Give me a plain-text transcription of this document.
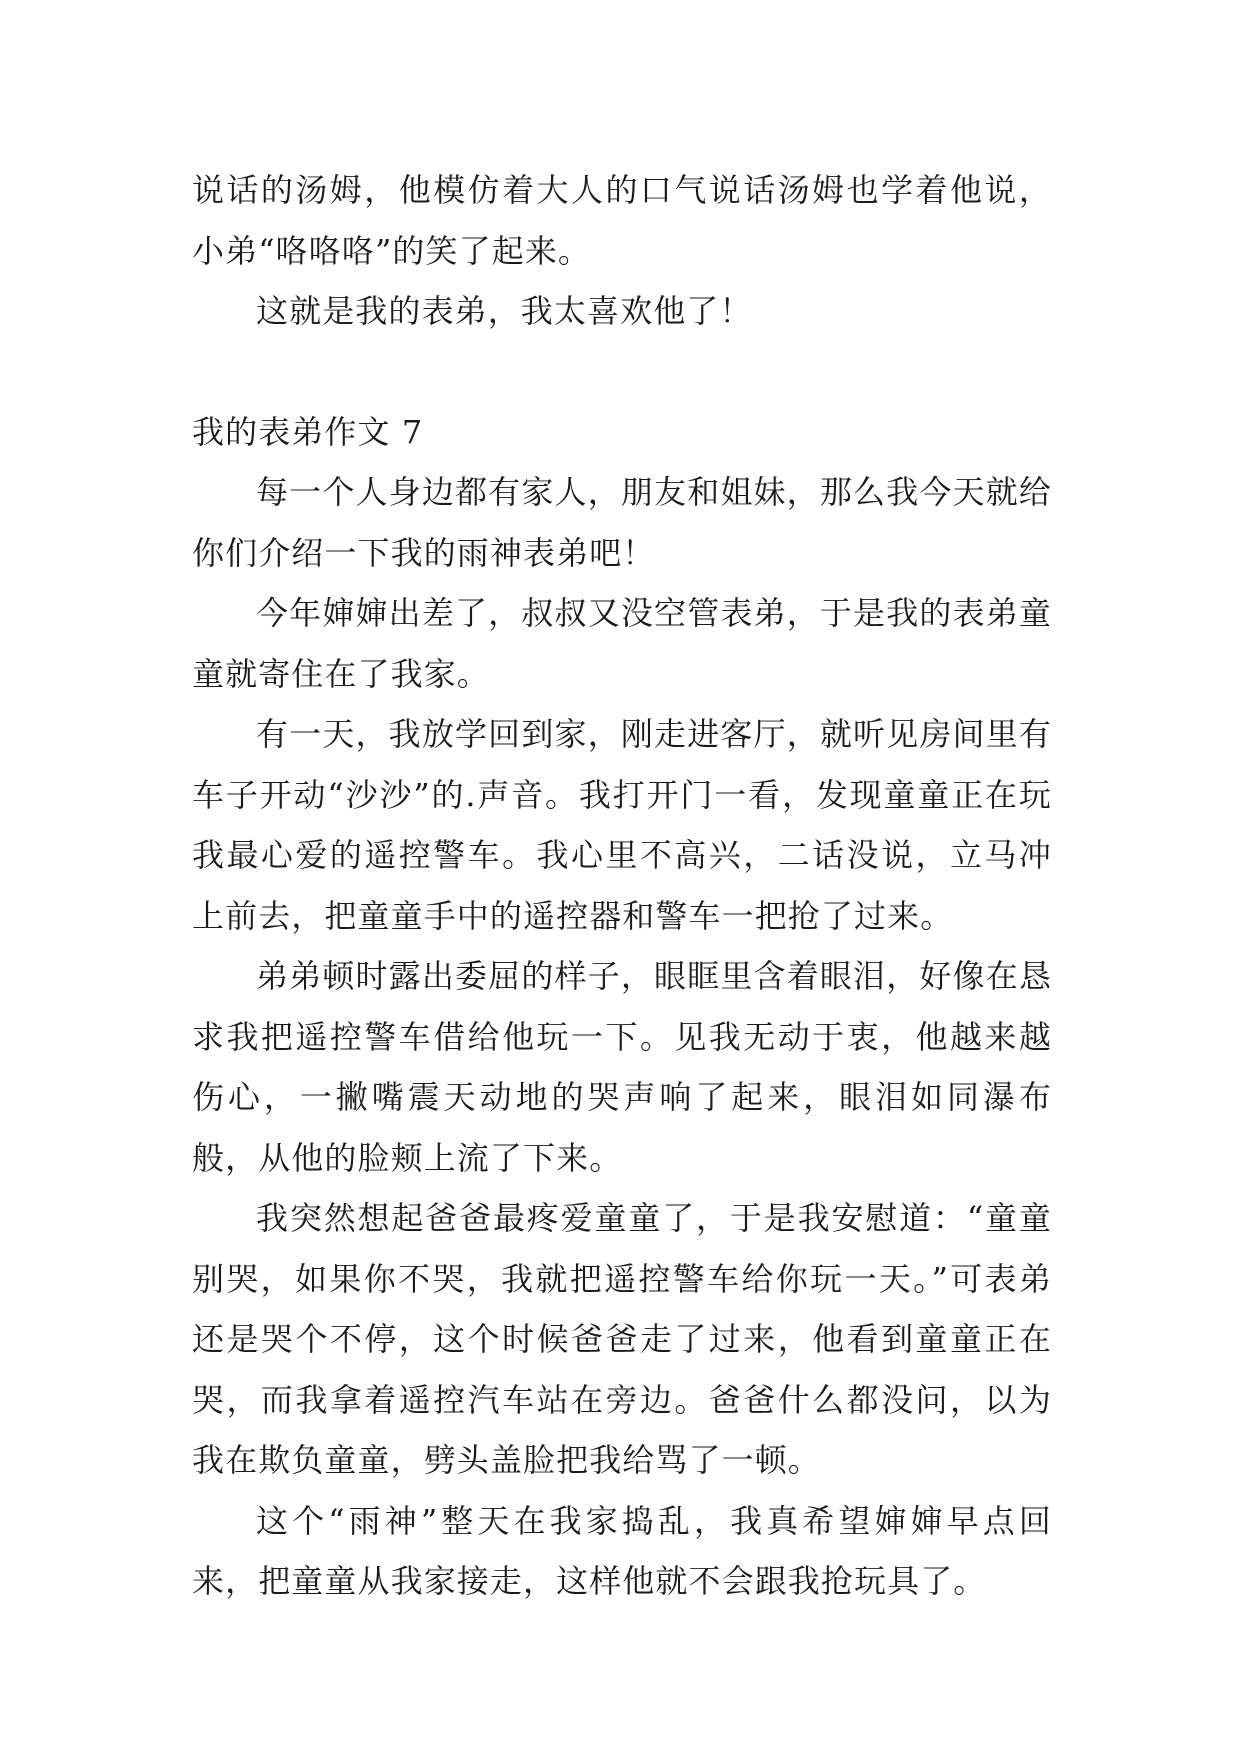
说话的汤姆，他模仿着大人的口气说话汤姆也学着他说，小弟“咯咯咯”的笑了起来。

这就是我的表弟，我太喜欢他了！

我的表弟作文 7

每一个人身边都有家人，朋友和姐妹，那么我今天就给你们介绍一下我的雨神表弟吧！

今年婶婶出差了，叔叔又没空管表弟，于是我的表弟童童就寄住在了我家。

有一天，我放学回到家，刚走进客厅，就听见房间里有车子开动“沙沙”的.声音。我打开门一看，发现童童正在玩我最心爱的遥控警车。我心里不高兴，二话没说，立马冲上前去，把童童手中的遥控器和警车一把抢了过来。

弟弟顿时露出委屈的样子，眼眶里含着眼泪，好像在恳求我把遥控警车借给他玩一下。见我无动于衷，他越来越伤心，一撇嘴震天动地的哭声响了起来，眼泪如同瀑布般，从他的脸颊上流了下来。

我突然想起爸爸最疼爱童童了，于是我安慰道：“童童别哭，如果你不哭，我就把遥控警车给你玩一天。”可表弟还是哭个不停，这个时候爸爸走了过来，他看到童童正在哭，而我拿着遥控汽车站在旁边。爸爸什么都没问，以为我在欺负童童，劈头盖脸把我给骂了一顿。

这个“雨神”整天在我家捣乱，我真希望婶婶早点回来，把童童从我家接走，这样他就不会跟我抢玩具了。
